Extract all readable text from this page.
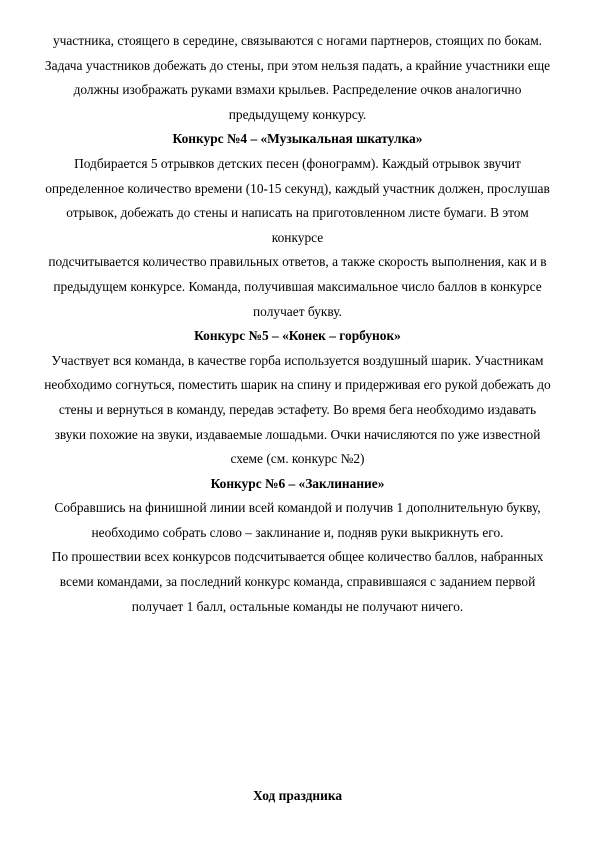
участника, стоящего в середине, связываются с ногами партнеров, стоящих по бокам.

Задача участников добежать до стены, при этом нельзя падать, а крайние участники еще

должны изображать руками взмахи крыльев. Распределение очков аналогично

предыдущему конкурсу.

Конкурс №4 – «Музыкальная шкатулка»

Подбирается 5 отрывков детских песен (фонограмм). Каждый отрывок звучит

определенное количество времени (10-15 секунд), каждый участник должен, прослушав

отрывок, добежать до стены и написать на приготовленном листе бумаги. В этом конкурсе

подсчитывается количество правильных ответов, а также скорость выполнения, как и в

предыдущем конкурсе. Команда, получившая максимальное число баллов в конкурсе

получает букву.

Конкурс №5 – «Конек – горбунок»

Участвует вся команда, в качестве горба используется воздушный шарик. Участникам

необходимо согнуться, поместить шарик на спину и придерживая его рукой добежать до

стены и вернуться в команду, передав эстафету. Во время бега необходимо издавать

звуки похожие на звуки, издаваемые лошадьми. Очки начисляются по уже известной

схеме (см. конкурс №2)

Конкурс №6 – «Заклинание»

Собравшись на финишной линии всей командой и получив 1 дополнительную букву,

необходимо собрать слово – заклинание и, подняв руки выкрикнуть его.

По прошествии всех конкурсов подсчитывается общее количество баллов, набранных

всеми командами, за последний конкурс команда, справившаяся с заданием первой

получает 1 балл, остальные команды не получают ничего.

Ход праздника
